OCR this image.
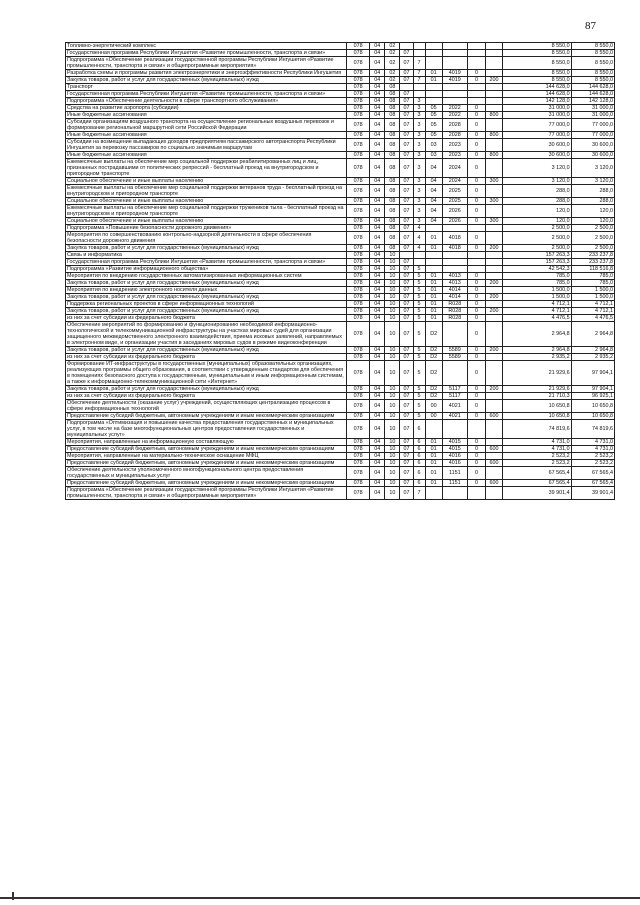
87
Топливно-энергетический комплекс	078	04	02							8 550,0	8 550,0
Государственная программа Республики Ингушетия «Развитие промышленности, транспорта и связи»	078	04	02	07						8 550,0	8 550,0
Подпрограмма «Обеспечение реализации государственной программы Республики Ингушетия «Развитие промышленности, транспорта и связи» и общепрограммные мероприятия»	078	04	02	07	7					8 550,0	8 550,0
Разработка схемы и программы развития электроэнергетики и энергоэффективности Республики Ингушетия	078	04	02	07	7	01	4019	0		8 550,0	8 550,0
Закупка товаров, работ и услуг для государственных (муниципальных) нужд	078	04	02	07	7	01	4019	0	200	8 550,0	8 550,0
Транспорт	078	04	08							144 628,0	144 628,0
Государственная программа Республики Ингушетия «Развитие промышленности, транспорта и связи»	078	04	08	07						144 628,0	144 628,0
Подпрограмма «Обеспечение деятельности в сфере транспортного обслуживания»	078	04	08	07	3					142 128,0	142 128,0
Средства на развитие аэропорта (субсидии)	078	04	08	07	3	05	2022	0		31 000,0	31 000,0
Иные бюджетные ассигнования	078	04	08	07	3	05	2022	0	800	31 000,0	31 000,0
Субсидии организациям воздушного транспорта на осуществление региональных воздушных перевозок и формирование региональной маршрутной сети Российской Федерации	078	04	08	07	3	05	2028	0		77 000,0	77 000,0
Иные бюджетные ассигнования	078	04	08	07	3	05	2028	0	800	77 000,0	77 000,0
Субсидии на возмещение выпадающих доходов предприятиям пассажирского автотранспорта Республики Ингушетия за перевозку пассажиров по социально значимым маршрутам	078	04	08	07	3	03	2023	0		30 600,0	30 600,0
Иные бюджетные ассигнования	078	04	08	07	3	03	2023	0	800	30 600,0	30 600,0
Ежемесячные выплаты на обеспечение мер социальной поддержки реабилитированных лиц и лиц, признанных пострадавшими от политических репрессий - бесплатный проезд на внутригородском и пригородном транспорте	078	04	08	07	3	04	2024	0		3 120,0	3 120,0
Социальное обеспечение и иные выплаты населению	078	04	08	07	3	04	2024	0	300	3 120,0	3 120,0
Ежемесячные выплаты на обеспечение мер социальной поддержки ветеранов труда - бесплатный проезд на внутригородском и пригородном транспорте	078	04	08	07	3	04	2025	0		288,0	288,0
Социальное обеспечение и иные выплаты населению	078	04	08	07	3	04	2025	0	300	288,0	288,0
Ежемесячные выплаты на обеспечение мер социальной поддержки тружеников тыла - бесплатный проезд на внутригородском и пригородном транспорте	078	04	08	07	3	04	2026	0		120,0	120,0
Социальное обеспечение и иные выплаты населению	078	04	08	07	3	04	2026	0	300	120,0	120,0
Подпрограмма «Повышение безопасности дорожного движения»	078	04	08	07	4					2 500,0	2 500,0
Мероприятия по совершенствованию контрольно-надзорной деятельности в сфере обеспечения безопасности дорожного движения	078	04	08	07	4	01	4018	0		2 500,0	2 500,0
Закупка товаров, работ и услуг для государственных (муниципальных) нужд	078	04	08	07	4	01	4018	0	200	2 500,0	2 500,0
Связь и информатика	078	04	10							157 263,3	233 237,8
Государственная программа Республики Ингушетия «Развитие промышленности, транспорта и связи»	078	04	10	07						157 263,3	233 237,8
Подпрограмма «Развитие информационного общества»	078	04	10	07	5					42 542,3	118 516,8
Мероприятия по внедрению государственных автоматизированных информационных систем	078	04	10	07	5	01	4013	0		785,0	785,0
Закупка товаров, работ и услуг для государственных (муниципальных) нужд	078	04	10	07	5	01	4013	0	200	785,0	785,0
Мероприятия по внедрению электронного носителя данных	078	04	10	07	5	01	4014	0		1 500,0	1 500,0
Закупка товаров, работ и услуг для государственных (муниципальных) нужд	078	04	10	07	5	01	4014	0	200	1 500,0	1 500,0
Поддержка региональных проектов в сфере информационных технологий	078	04	10	07	5	01	R028	0		4 712,1	4 712,1
Закупка товаров, работ и услуг для государственных (муниципальных) нужд	078	04	10	07	5	01	R028	0	200	4 712,1	4 712,1
из них за счет субсидии из федерального бюджета	078	04	10	07	5	01	R028	0		4 476,5	4 476,5
Обеспечение мероприятий по формированию и функционированию необходимой информационно-технологической и телекоммуникационной инфраструктуры на участках мировых судей для организации защищенного межведомственного электронного взаимодействия, приема исковых заявлений, направляемых в электронном виде, и организации участия в заседаниях мировых судов в режиме видеоконференции	078	04	10	07	5	D2		0		2 964,8	2 964,8
Закупка товаров, работ и услуг для государственных (муниципальных) нужд	078	04	10	07	5	D2	5589	0	200	2 964,8	2 964,8
из них за счет субсидии из федерального бюджета	078	04	10	07	5	D2	5589	0		2 935,2	2 935,2
Формирование ИТ-инфраструктуры в государственных (муниципальных) образовательных организациях, реализующих программы общего образования, в соответствии с утвержденным стандартом для обеспечения в помещениях безопасного доступа к государственным, муниципальным и иным информационным системам, а также к информационно-телекоммуникационной сети «Интернет»	078	04	10	07	5	D2		0		21 929,6	97 904,1
Закупка товаров, работ и услуг для государственных (муниципальных) нужд	078	04	10	07	5	D2	5117	0	200	21 929,6	97 904,1
из них за счет субсидии из федерального бюджета	078	04	10	07	5	D2	5117	0		21 710,3	96 925,1
Обеспечение деятельности (оказание услуг) учреждений, осуществляющих централизацию процессов в сфере информационных технологий	078	04	10	07	5	00	4021	0		10 650,8	10 650,8
Предоставление субсидий бюджетным, автономным учреждениям и иным некоммерческим организациям	078	04	10	07	5	00	4021	0	600	10 650,8	10 650,8
Подпрограмма «Оптимизация и повышение качества предоставления государственных и муниципальных услуг, в том числе на базе многофункциональных центров предоставления государственных и муниципальных услуг»	078	04	10	07	6					74 819,6	74 819,6
Мероприятия, направленные на информационную составляющую	078	04	10	07	6	01	4015	0		4 731,0	4 731,0
Предоставление субсидий бюджетным, автономным учреждениям и иным некоммерческим организациям	078	04	10	07	6	01	4015	0	600	4 731,0	4 731,0
Мероприятия, направленные на материально-техническое оснащение МФЦ	078	04	10	07	6	01	4016	0		2 523,2	2 523,2
Предоставление субсидий бюджетным, автономным учреждениям и иным некоммерческим организациям	078	04	10	07	6	01	4016	0	600	2 523,2	2 523,2
Обеспечение деятельности уполномоченного многофункционального центра предоставления государственных и муниципальных услуг	078	04	10	07	6	01	1151	0		67 565,4	67 565,4
Предоставление субсидий бюджетным, автономным учреждениям и иным некоммерческим организациям	078	04	10	07	6	01	1151	0	600	67 565,4	67 565,4
Подпрограмма «Обеспечение реализации государственной программы Республики Ингушетия «Развитие промышленности, транспорта и связи» и общепрограммные мероприятия»	078	04	10	07	7					39 901,4	39 901,4
